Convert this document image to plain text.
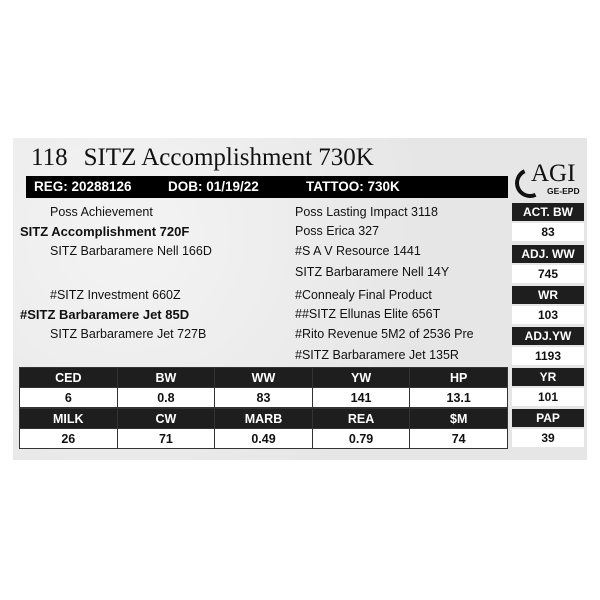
118 SITZ Accomplishment 730K
REG: 20288126	DOB: 01/19/22	TATTOO: 730K	AGI
GE-EPD
Poss Achievement
SITZ Accomplishment 720F
SITZ Barbaramere Nell 166D
#SITZ Investment 660Z
#SITZ Barbaramere Jet 85D
SITZ Barbaramere Jet 727B
Poss Lasting Impact 3118
Poss Erica 327
#S A V Resource 1441
SITZ Barbaramere Nell 14Y
#Connealy Final Product
##SITZ Ellunas Elite 656T
#Rito Revenue 5M2 of 2536 Pre
#SITZ Barbaramere Jet 135R
ACT. BW
83
ADJ. WW
745
WR
103
ADJ.YW
1193
YR
101
PAP
39
CED	BW	WW	YW	HP
6	0.8	83	141	13.1
MILK	CW	MARB	REA	$M
26	71	0.49	0.79	74
